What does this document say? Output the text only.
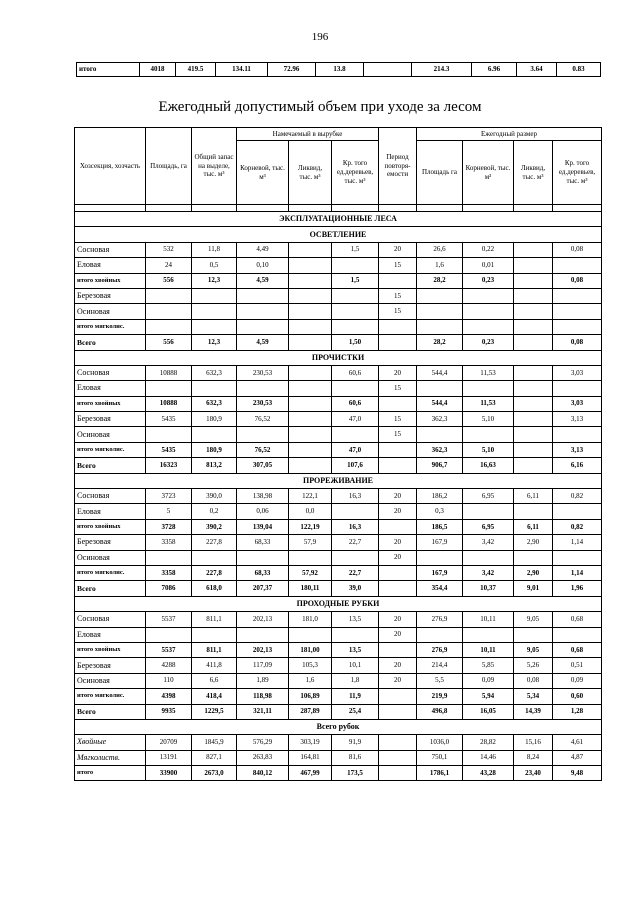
196
итого	4018	419.5	134.11	72.96	13.8		214.3	6.96	3.64	0.83
Ежегодный допустимый объем при уходе за лесом
Хозсекция, хозчасть	Площадь, га	Общий запас на выделе, тыс. м³	Намечаемый в вырубке			Период повторя-емости	Ежегодный размер			
			Корневой, тыс. м³	Ликвид, тыс. м³	Кр. того ед.деревьев, тыс. м³		Площадь га	Корневой, тыс. м³	Ликвид, тыс. м³	Кр. того ед.деревьев, тыс. м³

ЭКСПЛУАТАЦИОННЫЕ ЛЕСА										
ОСВЕТЛЕНИЕ										
Сосновая	532	11,8	4,49		1,5	20	26,6	0,22		0,08
Еловая	24	0,5	0,10			15	1,6	0,01		
итого хвойных	556	12,3	4,59		1,5		28,2	0,23		0,08
Березовая						15				
Осиновая						15				
итого мягколис.										
Всего	556	12,3	4,59		1,50		28,2	0,23		0,08
ПРОЧИСТКИ										
Сосновая	10888	632,3	230,53		60,6	20	544,4	11,53		3,03
Еловая						15				
итого хвойных	10888	632,3	230,53		60,6		544,4	11,53		3,03
Березовая	5435	180,9	76,52		47,0	15	362,3	5,10		3,13
Осиновая						15				
итого мягколис.	5435	180,9	76,52		47,0		362,3	5,10		3,13
Всего	16323	813,2	307,05		107,6		906,7	16,63		6,16
ПРОРЕЖИВАНИЕ										
Сосновая	3723	390,0	138,98	122,1	16,3	20	186,2	6,95	6,11	0,82
Еловая	5	0,2	0,06	0,0		20	0,3			
итого хвойных	3728	390,2	139,04	122,19	16,3		186,5	6,95	6,11	0,82
Березовая	3358	227,8	68,33	57,9	22,7	20	167,9	3,42	2,90	1,14
Осиновая						20				
итого мягколис.	3358	227,8	68,33	57,92	22,7		167,9	3,42	2,90	1,14
Всего	7086	618,0	207,37	180,11	39,0		354,4	10,37	9,01	1,96
ПРОХОДНЫЕ РУБКИ										
Сосновая	5537	811,1	202,13	181,0	13,5	20	276,9	10,11	9,05	0,68
Еловая						20				
итого хвойных	5537	811,1	202,13	181,00	13,5		276,9	10,11	9,05	0,68
Березовая	4288	411,8	117,09	105,3	10,1	20	214,4	5,85	5,26	0,51
Осиновая	110	6,6	1,89	1,6	1,8	20	5,5	0,09	0,08	0,09
итого мягколис.	4398	418,4	118,98	106,89	11,9		219,9	5,94	5,34	0,60
Всего	9935	1229,5	321,11	287,89	25,4		496,8	16,05	14,39	1,28
Всего рубок										
Хвойные	20709	1845,9	576,29	303,19	91,9		1036,0	28,82	15,16	4,61
Мягколиств.	13191	827,1	263,83	164,81	81,6		750,1	14,46	8,24	4,87
итого	33900	2673,0	840,12	467,99	173,5		1786,1	43,28	23,40	9,48
